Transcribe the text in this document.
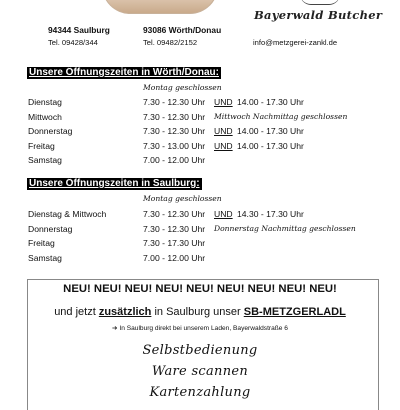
Bayerwald Butcher
94344 Saulburg
Tel. 09428/344
93086 Wörth/Donau
Tel. 09482/2152	info@metzgerei-zankl.de
Unsere Öffnungszeiten in Wörth/Donau:
Montag geschlossen
Dienstag	7.30 - 12.30 Uhr UND 14.00 - 17.30 Uhr
Mittwoch	7.30 - 12.30 Uhr Mittwoch Nachmittag geschlossen
Donnerstag	7.30 - 12.30 Uhr UND 14.00 - 17.30 Uhr
Freitag	7.30 - 13.00 Uhr UND 14.00 - 17.30 Uhr
Samstag	7.00 - 12.00 Uhr
Unsere Öffnungszeiten in Saulburg:
Montag geschlossen
Dienstag & Mittwoch	7.30 - 12.30 Uhr UND 14.30 - 17.30 Uhr
Donnerstag	7.30 - 12.30 Uhr Donnerstag Nachmittag geschlossen
Freitag	7.30 - 17.30 Uhr
Samstag	7.00 - 12.00 Uhr
NEU! NEU! NEU! NEU! NEU! NEU! NEU! NEU! NEU!
und jetzt zusätzlich in Saulburg unser SB-METZGERLADL
➔ In Saulburg direkt bei unserem Laden, Bayerwaldstraße 6
Selbstbedienung
Ware scannen
Kartenzahlung
